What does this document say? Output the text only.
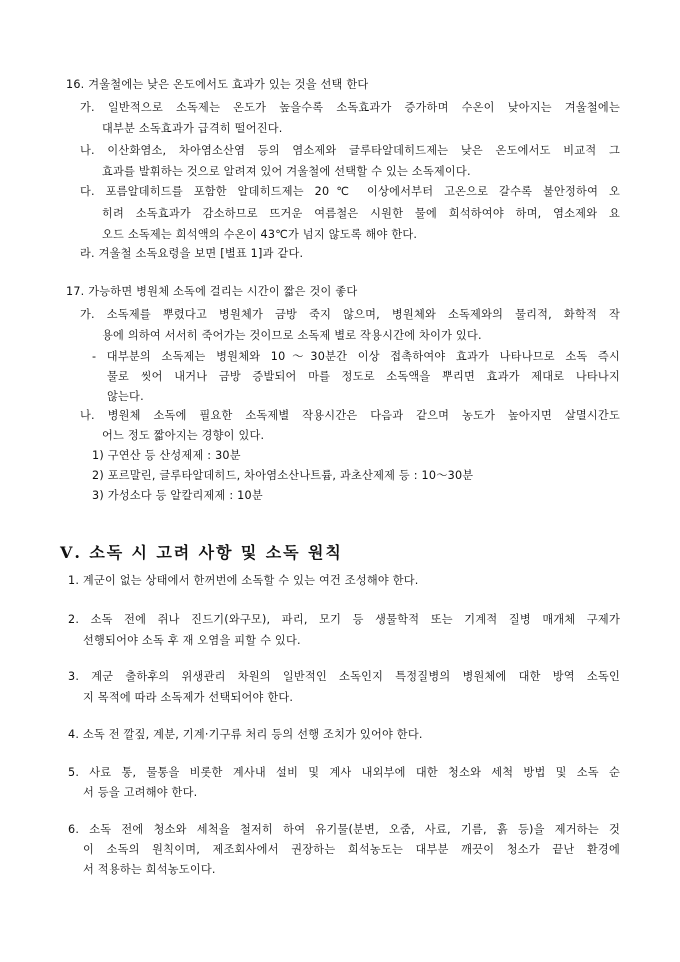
16. 겨울철에는 낮은 온도에서도 효과가 있는 것을 선택 한다

가. 일반적으로 소독제는 온도가 높을수록 소독효과가 증가하며 수온이 낮아지는 겨울철에는

대부분 소독효과가 급격히 떨어진다.

나. 이산화염소, 차아염소산염 등의 염소제와 글루타알데히드제는 낮은 온도에서도 비교적 그

효과를 발휘하는 것으로 알려져 있어 겨울철에 선택할 수 있는 소독제이다.

다. 포름알데히드를 포함한 알데히드제는 20℃ 이상에서부터 고온으로 갈수록 불안정하여 오

히려 소독효과가 감소하므로 뜨거운 여름철은 시원한 물에 희석하여야 하며, 염소제와 요

오드 소독제는 희석액의 수온이 43℃가 넘지 않도록 해야 한다.

라. 겨울철 소독요령을 보면 [별표 1]과 같다.

17. 가능하면 병원체 소독에 걸리는 시간이 짧은 것이 좋다

가. 소독제를 뿌렸다고 병원체가 금방 죽지 않으며, 병원체와 소독제와의 물리적, 화학적 작

용에 의하여 서서히 죽어가는 것이므로 소독제 별로 작용시간에 차이가 있다.

- 대부분의 소독제는 병원체와 10～30분간 이상 접촉하여야 효과가 나타나므로 소독 즉시

물로 씻어 내거나 금방 증발되어 마를 정도로 소독액을 뿌리면 효과가 제대로 나타나지

않는다.

나. 병원체 소독에 필요한 소독제별 작용시간은 다음과 같으며 농도가 높아지면 살멸시간도

어느 정도 짧아지는 경향이 있다.

1) 구연산 등 산성제제 : 30분

2) 포르말린, 글루타알데히드, 차아염소산나트륨, 과초산제제 등 : 10～30분

3) 가성소다 등 알칼리제제 : 10분

Ⅴ. 소독 시 고려 사항 및 소독 원칙

1. 계군이 없는 상태에서 한꺼번에 소독할 수 있는 여건 조성해야 한다.

2. 소독 전에 쥐나 진드기(와구모), 파리, 모기 등 생물학적 또는 기계적 질병 매개체 구제가

선행되어야 소독 후 재 오염을 피할 수 있다.

3. 계군 출하후의 위생관리 차원의 일반적인 소독인지 특정질병의 병원체에 대한 방역 소독인

지 목적에 따라 소독제가 선택되어야 한다.

4. 소독 전 깔짚, 계분, 기계·기구류 처리 등의 선행 조치가 있어야 한다.

5. 사료 통, 물통을 비롯한 계사내 설비 및 계사 내외부에 대한 청소와 세척 방법 및 소독 순

서 등을 고려해야 한다.

6. 소독 전에 청소와 세척을 철저히 하여 유기물(분변, 오줌, 사료, 기름, 흙 등)을 제거하는 것

이 소독의 원칙이며, 제조회사에서 권장하는 희석농도는 대부분 깨끗이 청소가 끝난 환경에

서 적용하는 희석농도이다.
